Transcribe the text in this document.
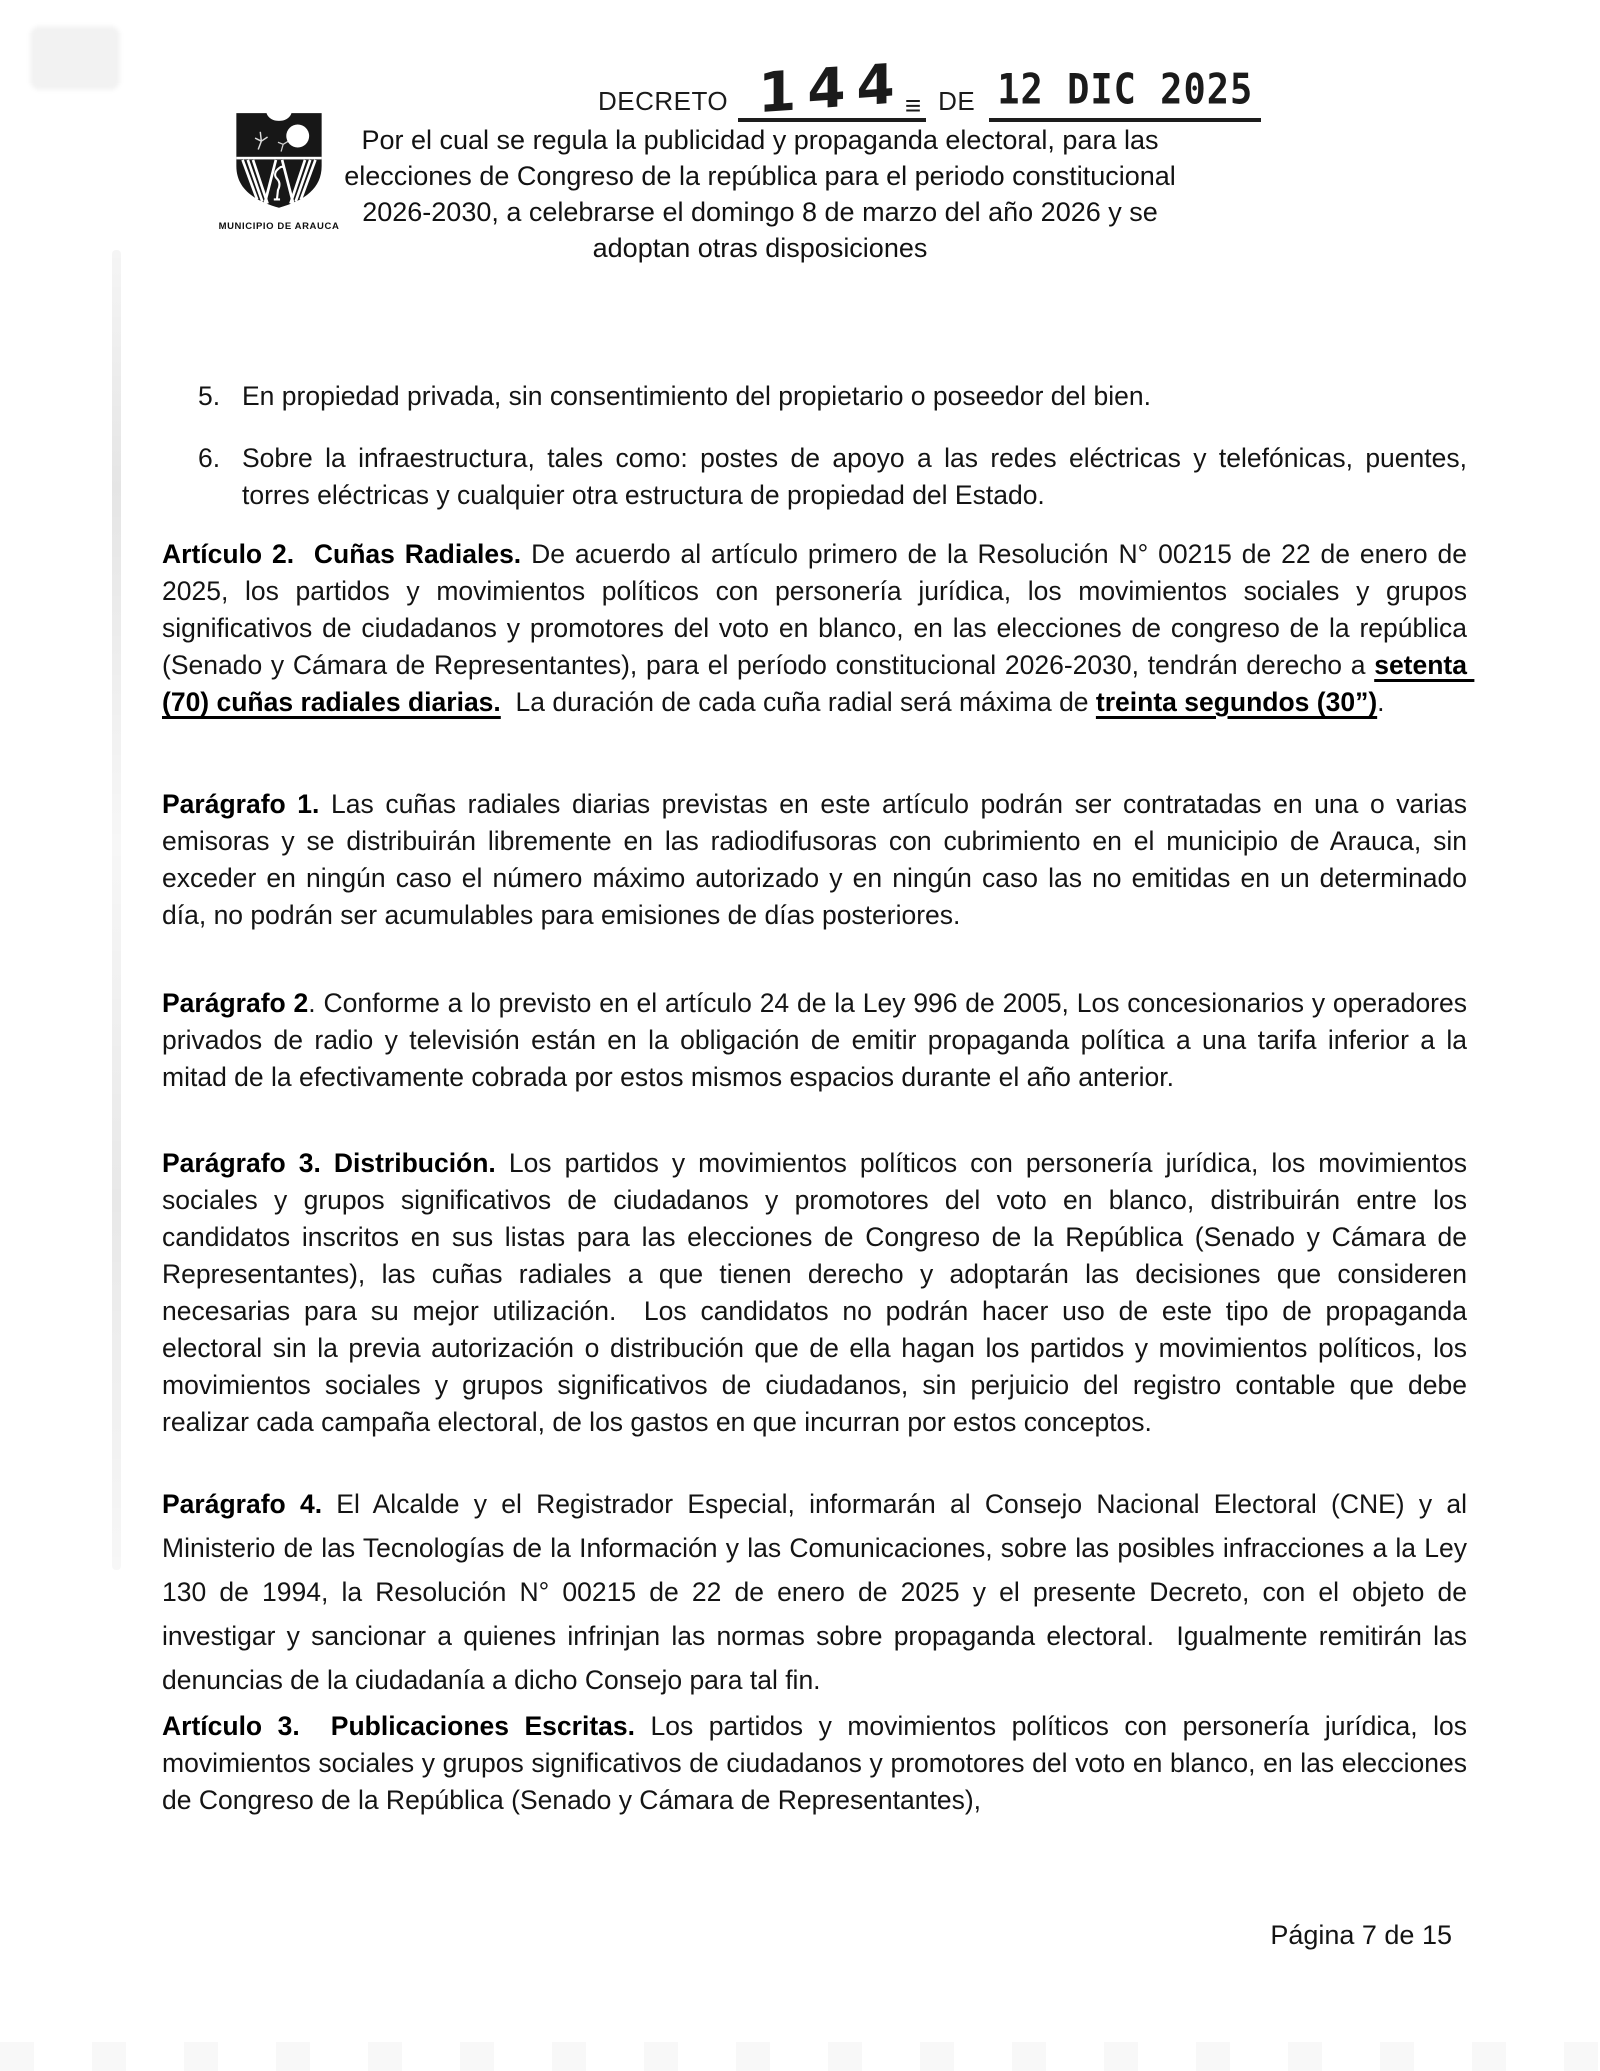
MUNICIPIO DE ARAUCA
DECRETO 144
≡ DE 12 DIC 2025
Por el cual se regula la publicidad y propaganda electoral, para las elecciones de Congreso de la república para el periodo constitucional 2026-2030, a celebrarse el domingo 8 de marzo del año 2026 y se adoptan otras disposiciones
5. En propiedad privada, sin consentimiento del propietario o poseedor del bien.
6. Sobre la infraestructura, tales como: postes de apoyo a las redes eléctricas y telefónicas, puentes, torres eléctricas y cualquier otra estructura de propiedad del Estado.
Artículo 2.  Cuñas Radiales. De acuerdo al artículo primero de la Resolución N° 00215 de 22 de enero de 2025, los partidos y movimientos políticos con personería jurídica, los movimientos sociales y grupos significativos de ciudadanos y promotores del voto en blanco, en las elecciones de congreso de la república (Senado y Cámara de Representantes), para el período constitucional 2026-2030, tendrán derecho a setenta (70) cuñas radiales diarias.  La duración de cada cuña radial será máxima de treinta segundos (30”).
Parágrafo 1. Las cuñas radiales diarias previstas en este artículo podrán ser contratadas en una o varias emisoras y se distribuirán libremente en las radiodifusoras con cubrimiento en el municipio de Arauca, sin exceder en ningún caso el número máximo autorizado y en ningún caso las no emitidas en un determinado día, no podrán ser acumulables para emisiones de días posteriores.
Parágrafo 2. Conforme a lo previsto en el artículo 24 de la Ley 996 de 2005, Los concesionarios y operadores privados de radio y televisión están en la obligación de emitir propaganda política a una tarifa inferior a la mitad de la efectivamente cobrada por estos mismos espacios durante el año anterior.
Parágrafo 3. Distribución. Los partidos y movimientos políticos con personería jurídica, los movimientos sociales y grupos significativos de ciudadanos y promotores del voto en blanco, distribuirán entre los candidatos inscritos en sus listas para las elecciones de Congreso de la República (Senado y Cámara de Representantes), las cuñas radiales a que tienen derecho y adoptarán las decisiones que consideren necesarias para su mejor utilización.  Los candidatos no podrán hacer uso de este tipo de propaganda electoral sin la previa autorización o distribución que de ella hagan los partidos y movimientos políticos, los movimientos sociales y grupos significativos de ciudadanos, sin perjuicio del registro contable que debe realizar cada campaña electoral, de los gastos en que incurran por estos conceptos.
Parágrafo 4. El Alcalde y el Registrador Especial, informarán al Consejo Nacional Electoral (CNE) y al Ministerio de las Tecnologías de la Información y las Comunicaciones, sobre las posibles infracciones a la Ley 130 de 1994, la Resolución N° 00215 de 22 de enero de 2025 y el presente Decreto, con el objeto de investigar y sancionar a quienes infrinjan las normas sobre propaganda electoral.  Igualmente remitirán las denuncias de la ciudadanía a dicho Consejo para tal fin.
Artículo 3.  Publicaciones Escritas. Los partidos y movimientos políticos con personería jurídica, los movimientos sociales y grupos significativos de ciudadanos y promotores del voto en blanco, en las elecciones de Congreso de la República (Senado y Cámara de Representantes),
Página 7 de 15
